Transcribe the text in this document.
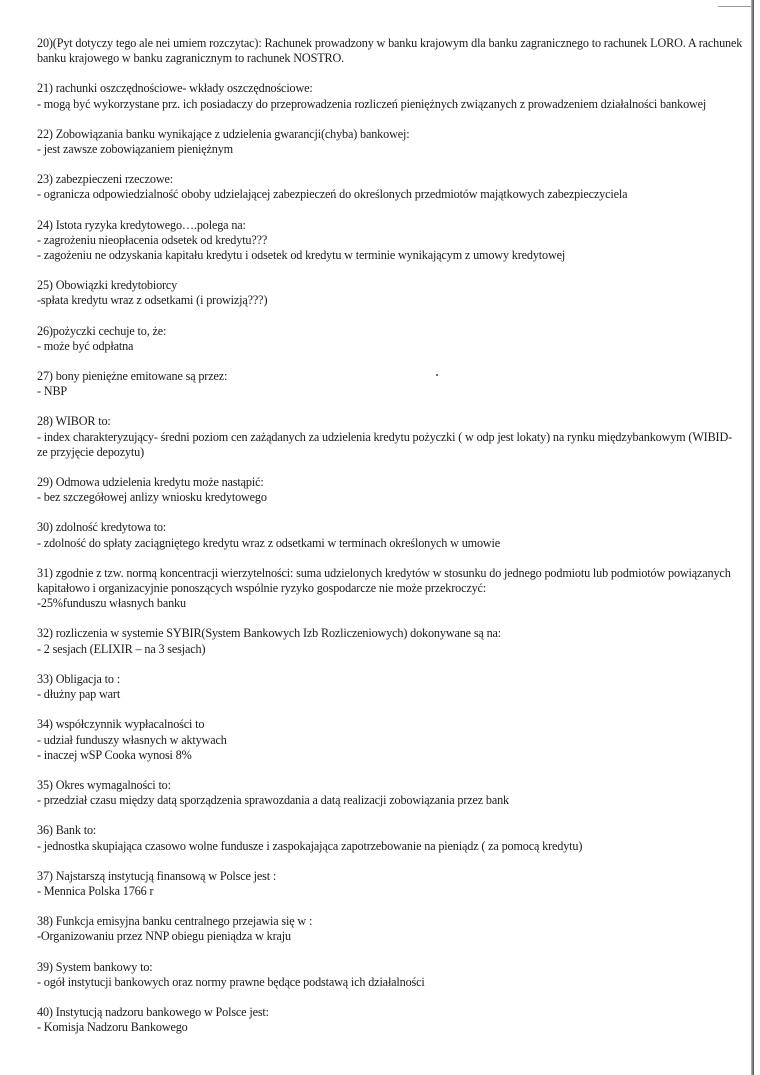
20)(Pyt dotyczy tego ale nei umiem rozczytac): Rachunek prowadzony w banku krajowym dla banku zagranicznego to rachunek LORO. A rachunek banku krajowego w banku zagranicznym to rachunek NOSTRO.
21) rachunki oszczędnościowe- wkłady oszczędnościowe:
- mogą być wykorzystane prz. ich posiadaczy do przeprowadzenia rozliczeń pieniężnych związanych z prowadzeniem działalności bankowej
22) Zobowiązania banku wynikające z udzielenia gwarancji(chyba) bankowej:
- jest zawsze zobowiązaniem pieniężnym
23) zabezpieczeni rzeczowe:
- ogranicza odpowiedzialność oboby udzielającej zabezpieczeń do określonych przedmiotów majątkowych zabezpieczyciela
24) Istota ryzyka kredytowego….polega na:
- zagrożeniu nieopłacenia odsetek od kredytu???
- zagożeniu ne odzyskania kapitału kredytu i odsetek od kredytu w terminie wynikającym z umowy kredytowej
25) Obowiązki kredytobiorcy
-spłata kredytu wraz z odsetkami (i prowizją???)
26)pożyczki cechuje to, że:
- może być odpłatna
27) bony pieniężne emitowane są przez:
- NBP
28) WIBOR to:
- index charakteryzujący- średni poziom cen zażądanych za udzielenia kredytu pożyczki ( w odp jest lokaty) na rynku międzybankowym (WIBID- ze przyjęcie depozytu)
29) Odmowa udzielenia kredytu może nastąpić:
- bez szczegółowej anlizy wniosku kredytowego
30) zdolność kredytowa to:
- zdolność do spłaty zaciągniętego kredytu wraz z odsetkami w terminach określonych w umowie
31) zgodnie z tzw. normą koncentracji wierzytelności: suma udzielonych kredytów w stosunku do jednego podmiotu lub podmiotów powiązanych kapitałowo i organizacyjnie ponoszących wspólnie ryzyko gospodarcze nie może przekroczyć:
-25%funduszu własnych banku
32) rozliczenia w systemie SYBIR(System Bankowych Izb Rozliczeniowych) dokonywane są na:
- 2 sesjach (ELIXIR – na 3 sesjach)
33) Obligacja to :
- dłużny pap wart
34) współczynnik wypłacalności to
- udział funduszy własnych w aktywach
- inaczej wSP Cooka wynosi 8%
35) Okres wymagalności to:
- przedział czasu między datą sporządzenia sprawozdania a datą realizacji zobowiązania przez bank
36) Bank to:
- jednostka skupiająca czasowo wolne fundusze i zaspokajająca zapotrzebowanie na pieniądz ( za pomocą kredytu)
37) Najstarszą instytucją finansową w Polsce jest :
- Mennica Polska 1766 r
38) Funkcja emisyjna banku centralnego przejawia się w :
-Organizowaniu przez NNP obiegu pieniądza w kraju
39) System bankowy to:
- ogół instytucji bankowych oraz normy prawne będące podstawą ich działalności
40) Instytucją nadzoru bankowego w Polsce jest:
- Komisja Nadzoru Bankowego
